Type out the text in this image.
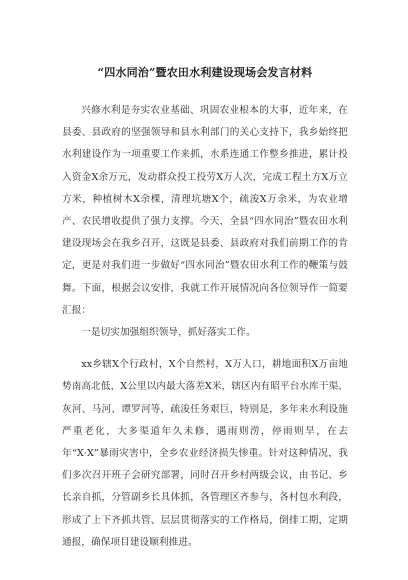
“四水同治”暨农田水利建设现场会发言材料

兴修水利是夯实农业基础、巩固农业根本的大事，近年来，在县委、县政府的坚强领导和县水利部门的关心支持下，我乡始终把水利建设作为一项重要工作来抓，水系连通工作整乡推进，累计投入资金X余万元，发动群众投工投劳X万人次，完成工程土方X万立方米，种植树木X余棵，清理坑塘X个，疏浚X万余米，为农业增产、农民增收提供了强力支撑。今天，全县“四水同治”暨农田水利建设现场会在我乡召开，这既是县委、县政府对我们前期工作的肯定，更是对我们进一步做好“四水同治”暨农田水利工作的鞭策与鼓舞。下面，根据会议安排，我就工作开展情况向各位领导作一简要汇报：

一是切实加强组织领导，抓好落实工作。

xx乡辖X个行政村，X个自然村，X万人口，耕地面积X万亩地势南高北低，X公里以内最大落差X米，辖区内有昭平台水库干渠、灰河、马河、谭罗河等，疏浚任务艰巨，特别是，多年来水利设施严重老化，大多渠道年久未修，遇雨则涝，停雨则旱，在去年“X·X”暴雨灾害中，全乡农业经济损失惨重。针对这种情况，我们多次召开班子会研究部署，同时召开乡村两级会议，由书记、乡长亲自抓，分管副乡长具体抓，各管理区齐参与，各村包水利段，形成了上下齐抓共管、层层贯彻落实的工作格局，倒排工期，定期通报，确保项目建设顺利推进。
